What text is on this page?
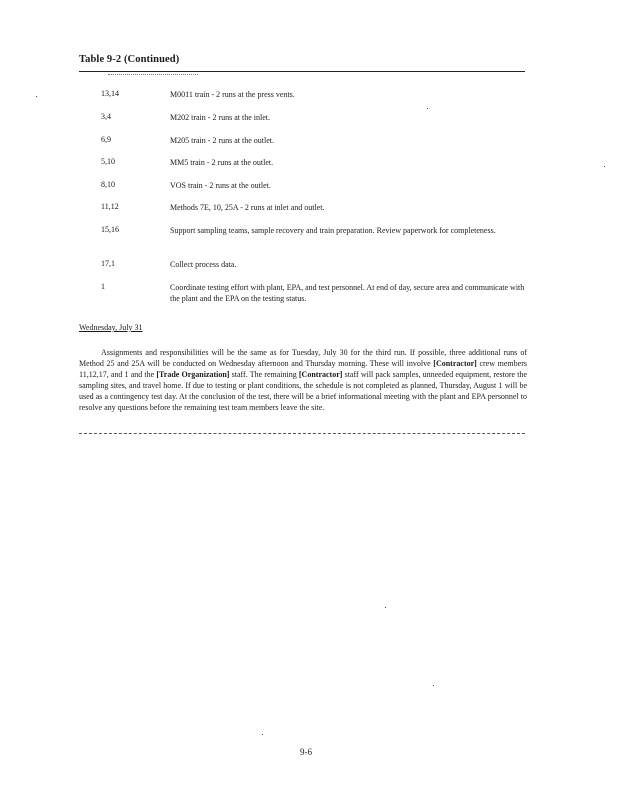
Table 9-2 (Continued)
13,14	M0011 train - 2 runs at the press vents.
3,4	M202 train - 2 runs at the inlet.
6,9	M205 train - 2 runs at the outlet.
5,10	MM5 train - 2 runs at the outlet.
8,10	VOS train - 2 runs at the outlet.
11,12	Methods 7E, 10, 25A - 2 runs at inlet and outlet.
15,16	Support sampling teams, sample recovery and train preparation. Review paperwork for completeness.
17,1	Collect process data.
1	Coordinate testing effort with plant, EPA, and test personnel. At end of day, secure area and communicate with the plant and the EPA on the testing status.
Wednesday, July 31
Assignments and responsibilities will be the same as for Tuesday, July 30 for the third run. If possible, three additional runs of Method 25 and 25A will be conducted on Wednesday afternoon and Thursday morning. These will involve [Contractor] crew members 11,12,17, and 1 and the [Trade Organization] staff. The remaining [Contractor] staff will pack samples, unneeded equipment, restore the sampling sites, and travel home. If due to testing or plant conditions, the schedule is not completed as planned, Thursday, August 1 will be used as a contingency test day. At the conclusion of the test, there will be a brief informational meeting with the plant and EPA personnel to resolve any questions before the remaining test team members leave the site.
9-6
